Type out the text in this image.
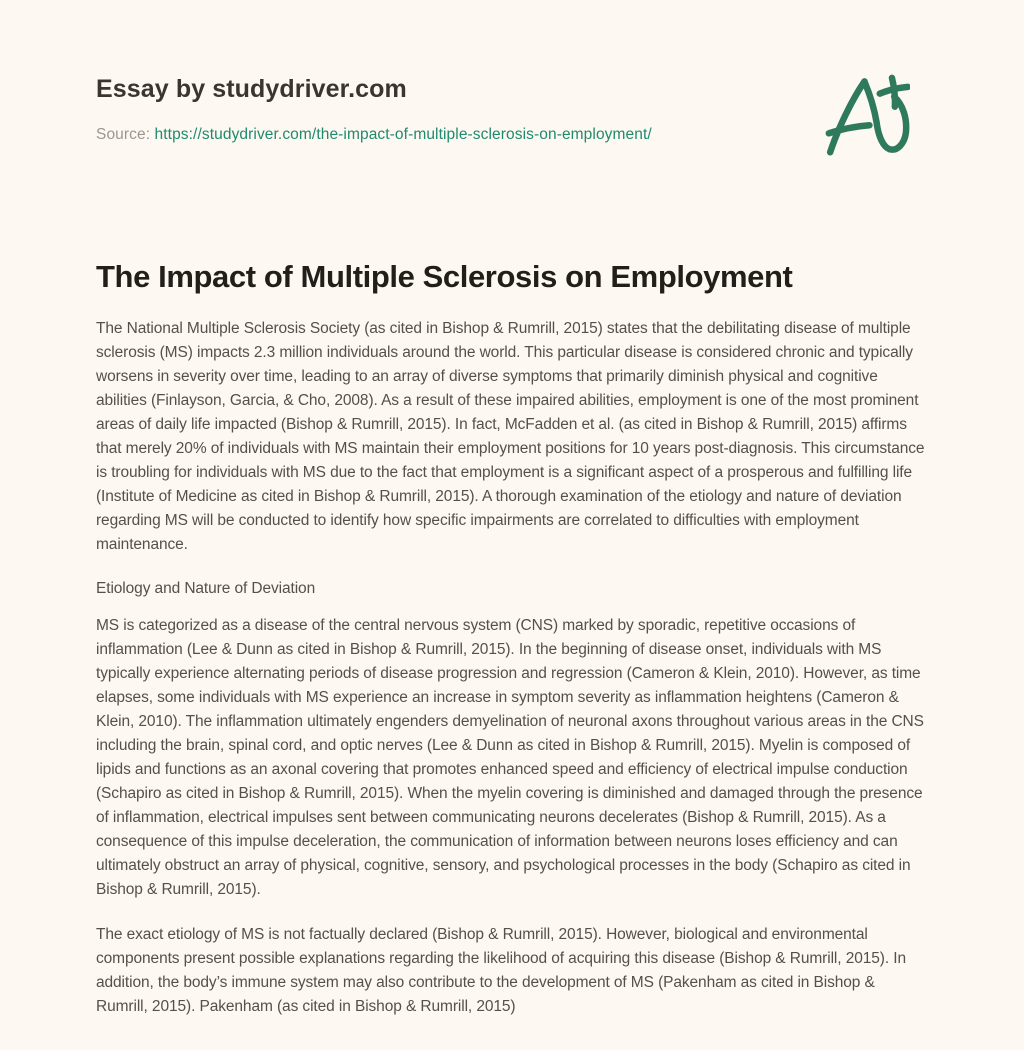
Essay by studydriver.com
Source: https://studydriver.com/the-impact-of-multiple-sclerosis-on-employment/
The Impact of Multiple Sclerosis on Employment

The National Multiple Sclerosis Society (as cited in Bishop & Rumrill, 2015) states that the debilitating disease of multiple sclerosis (MS) impacts 2.3 million individuals around the world. This particular disease is considered chronic and typically worsens in severity over time, leading to an array of diverse symptoms that primarily diminish physical and cognitive abilities (Finlayson, Garcia, & Cho, 2008). As a result of these impaired abilities, employment is one of the most prominent areas of daily life impacted (Bishop & Rumrill, 2015). In fact, McFadden et al. (as cited in Bishop & Rumrill, 2015) affirms that merely 20% of individuals with MS maintain their employment positions for 10 years post-diagnosis. This circumstance is troubling for individuals with MS due to the fact that employment is a significant aspect of a prosperous and fulfilling life (Institute of Medicine as cited in Bishop & Rumrill, 2015). A thorough examination of the etiology and nature of deviation regarding MS will be conducted to identify how specific impairments are correlated to difficulties with employment maintenance.

Etiology and Nature of Deviation

MS is categorized as a disease of the central nervous system (CNS) marked by sporadic, repetitive occasions of inflammation (Lee & Dunn as cited in Bishop & Rumrill, 2015). In the beginning of disease onset, individuals with MS typically experience alternating periods of disease progression and regression (Cameron & Klein, 2010). However, as time elapses, some individuals with MS experience an increase in symptom severity as inflammation heightens (Cameron & Klein, 2010). The inflammation ultimately engenders demyelination of neuronal axons throughout various areas in the CNS including the brain, spinal cord, and optic nerves (Lee & Dunn as cited in Bishop & Rumrill, 2015). Myelin is composed of lipids and functions as an axonal covering that promotes enhanced speed and efficiency of electrical impulse conduction (Schapiro as cited in Bishop & Rumrill, 2015). When the myelin covering is diminished and damaged through the presence of inflammation, electrical impulses sent between communicating neurons decelerates (Bishop & Rumrill, 2015). As a consequence of this impulse deceleration, the communication of information between neurons loses efficiency and can ultimately obstruct an array of physical, cognitive, sensory, and psychological processes in the body (Schapiro as cited in Bishop & Rumrill, 2015).

The exact etiology of MS is not factually declared (Bishop & Rumrill, 2015). However, biological and environmental components present possible explanations regarding the likelihood of acquiring this disease (Bishop & Rumrill, 2015). In addition, the body’s immune system may also contribute to the development of MS (Pakenham as cited in Bishop & Rumrill, 2015). Pakenham (as cited in Bishop & Rumrill, 2015)
